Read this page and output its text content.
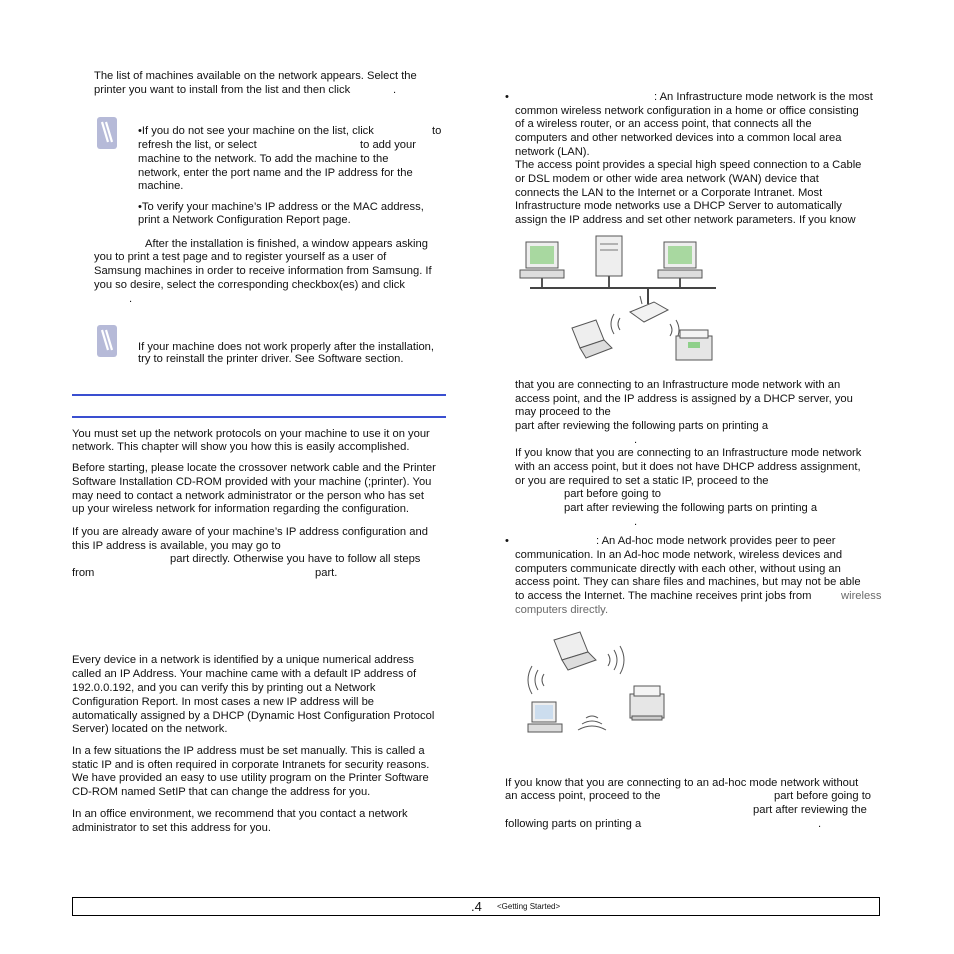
The list of machines available on the network appears. Select the

printer you want to install from the list and then click	.

•If you do not see your machine on the list, click	to

refresh the list, or select	to add your

machine to the network. To add the machine to the

network, enter the port name and the IP address for the

machine.

•To verify your machine’s IP address or the MAC address,

print a Network Configuration Report page.

After the installation is finished, a window appears asking

you to print a test page and to register yourself as a user of

Samsung machines in order to receive information from Samsung. If

you so desire, select the corresponding checkbox(es) and click

.

If your machine does not work properly after the installation,

try to reinstall the printer driver. See Software section.

You must set up the network protocols on your machine to use it on your

network. This chapter will show you how this is easily accomplished.

Before starting, please locate the crossover network cable and the Printer

Software Installation CD-ROM provided with your machine (;printer). You

may need to contact a network administrator or the person who has set

up your wireless network for information regarding the configuration.

If you are already aware of your machine’s IP address configuration and

this IP address is available, you may go to

part directly. Otherwise you have to follow all steps

from	part.

Every device in a network is identified by a unique numerical address

called an IP Address. Your machine came with a default IP address of

192.0.0.192, and you can verify this by printing out a Network

Configuration Report. In most cases a new IP address will be

automatically assigned by a DHCP (Dynamic Host Configuration Protocol

Server) located on the network.

In a few situations the IP address must be set manually. This is called a

static IP and is often required in corporate Intranets for security reasons.

We have provided an easy to use utility program on the Printer Software

CD-ROM named SetIP that can change the address for you.

In an office environment, we recommend that you contact a network

administrator to set this address for you.

•	: An Infrastructure mode network is the most

common wireless network configuration in a home or office consisting

of a wireless router, or an access point, that connects all the

computers and other networked devices into a common local area

network (LAN).

The access point provides a special high speed connection to a Cable

or DSL modem or other wide area network (WAN) device that

connects the LAN to the Internet or a Corporate Intranet. Most

Infrastructure mode networks use a DHCP Server to automatically

assign the IP address and set other network parameters. If you know

that you are connecting to an Infrastructure mode network with an

access point, and the IP address is assigned by a DHCP server, you

may proceed to the

part after reviewing the following parts on printing a

.

If you know that you are connecting to an Infrastructure mode network

with an access point, but it does not have DHCP address assignment,

or you are required to set a static IP, proceed to the

part before going to

part after reviewing the following parts on printing a

.

•	: An Ad-hoc mode network provides peer to peer

communication. In an Ad-hoc mode network, wireless devices and

computers communicate directly with each other, without using an

access point. They can share files and machines, but may not be able

to access the Internet. The machine receives print jobs from	wireless

computers directly.

If you know that you are connecting to an ad-hoc mode network without

an access point, proceed to the	part before going to

part after reviewing the

following parts on printing a	.

.4 <Getting Started>
